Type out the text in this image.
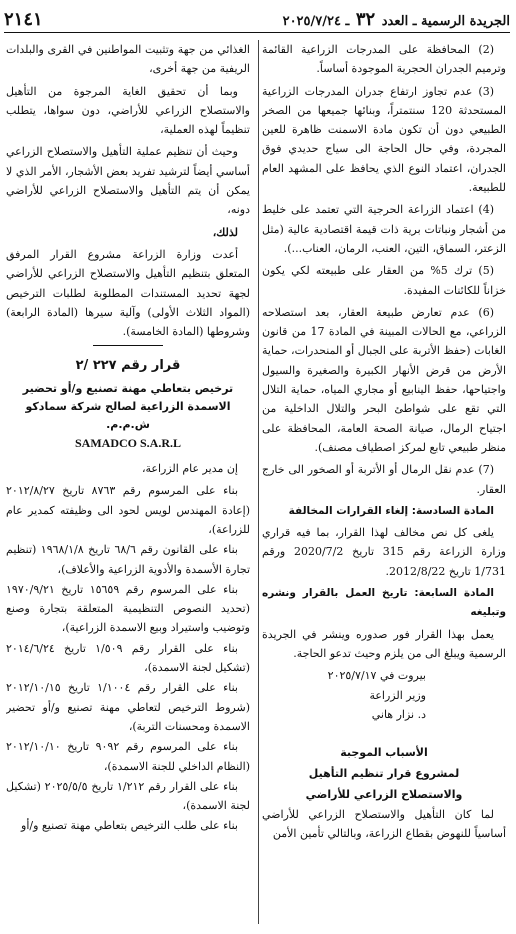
الجريدة الرسمية ـ العدد ٣٢ ـ ٢٠٢٥/٧/٢٤
٢١٤١

(2) المحافظة على المدرجات الزراعية القائمة وترميم الجدران الحجرية الموجودة أساساً.

(3) عدم تجاوز ارتفاع جدران المدرجات الزراعية المستحدثة 120 سنتمتراً، وبنائها جميعها من الصخر الطبيعي دون أن تكون مادة الاسمنت ظاهرة للعين المجردة، وفي حال الحاجة الى سياج حديدي فوق الجدران، اعتماد النوع الذي يحافظ على المشهد العام للطبيعة.

(4) اعتماد الزراعة الحرجية التي تعتمد على خليط من أشجار ونباتات برية ذات قيمة اقتصادية عالية (مثل الزعتر، السماق، التين، العنب، الرمان، العناب...).

(5) ترك 5% من العقار على طبيعته لكي يكون خزاناً للكائنات المفيدة.

(6) عدم تعارض طبيعة العقار، بعد استصلاحه الزراعي، مع الحالات المبينة في المادة 17 من قانون الغابات (حفظ الأتربة على الجبال أو المنحدرات، حماية الأرض من قرض الأنهار الكبيرة والصغيرة والسيول واجتياحها، حفظ الينابيع أو مجاري المياه، حماية التلال التي تقع على شواطئ البحر والتلال الداخلية من اجتياح الرمال، صيانة الصحة العامة، المحافظة على منظر طبيعي تابع لمركز اصطياف مصنف).

(7) عدم نقل الرمال أو الأتربة أو الصخور الى خارج العقار.

المادة السادسة: إلغاء القرارات المخالفة

يلغى كل نص مخالف لهذا القرار، بما فيه قراري وزارة الزراعة رقم 315 تاريخ 2020/7/2 ورقم 1/731 تاريخ 2012/8/22.

المادة السابعة: تاريخ العمل بالقرار ونشره وتبليغه

يعمل بهذا القرار فور صدوره وينشر في الجريدة الرسمية ويبلغ الى من يلزم وحيث تدعو الحاجة.

بيروت في ٢٠٢٥/٧/١٧

وزير الزراعة

د. نزار هاني

الأسباب الموجبة
لمشروع قرار تنظيم التأهيل
والاستصلاح الزراعي للأراضي

لما كان التأهيل والاستصلاح الزراعي للأراضي أساسياً للنهوض بقطاع الزراعة، وبالتالي تأمين الأمن

الغذائي من جهة وتثبيت المواطنين في القرى والبلدات الريفية من جهة أخرى،

وبما أن تحقيق الغاية المرجوة من التأهيل والاستصلاح الزراعي للأراضي، دون سواها، يتطلب تنظيماً لهذه العملية،

وحيث أن تنظيم عملية التأهيل والاستصلاح الزراعي أساسي أيضاً لترشيد تفريد بعض الأشجار، الأمر الذي لا يمكن أن يتم التأهيل والاستصلاح الزراعي للأراضي دونه،

لذلك،

أعدت وزارة الزراعة مشروع القرار المرفق المتعلق بتنظيم التأهيل والاستصلاح الزراعي للأراضي لجهة تحديد المستندات المطلوبة لطلبات الترخيص (المواد الثلاث الأولى) وآلية سيرها (المادة الرابعة) وشروطها (المادة الخامسة).

قرار رقم ٢٢٧ /٢
ترخيص بتعاطي مهنة تصنيع و/أو تحضير الاسمدة الزراعية لصالح شركة سمادكو ش.م.م.
SAMADCO S.A.R.L

إن مدير عام الزراعة،

بناء على المرسوم رقم ٨٧٦٣ تاريخ ٢٠١٢/٨/٢٧ (إعادة المهندس لويس لحود الى وظيفته كمدير عام للزراعة)،

بناء على القانون رقم ٦٨/٦ تاريخ ١٩٦٨/١/٨ (تنظيم تجارة الأسمدة والأدوية الزراعية والأعلاف)،

بناء على المرسوم رقم ١٥٦٥٩ تاريخ ١٩٧٠/٩/٢١ (تحديد النصوص التنظيمية المتعلقة بتجارة وصنع وتوضيب واستيراد وبيع الاسمدة الزراعية)،

بناء على القرار رقم ١/٥٠٩ تاريخ ٢٠١٤/٦/٢٤ (تشكيل لجنة الاسمدة)،

بناء على القرار رقم ١/١٠٠٤ تاريخ ٢٠١٢/١٠/١٥ (شروط الترخيص لتعاطي مهنة تصنيع و/أو تحضير الاسمدة ومحسنات التربة)،

بناء على المرسوم رقم ٩٠٩٢ تاريخ ٢٠١٢/١٠/١٠ (النظام الداخلي للجنة الاسمدة)،

بناء على القرار رقم ١/٢١٢ تاريخ ٢٠٢٥/٥/٥ (تشكيل لجنة الاسمدة)،

بناء على طلب الترخيص بتعاطي مهنة تصنيع و/أو
